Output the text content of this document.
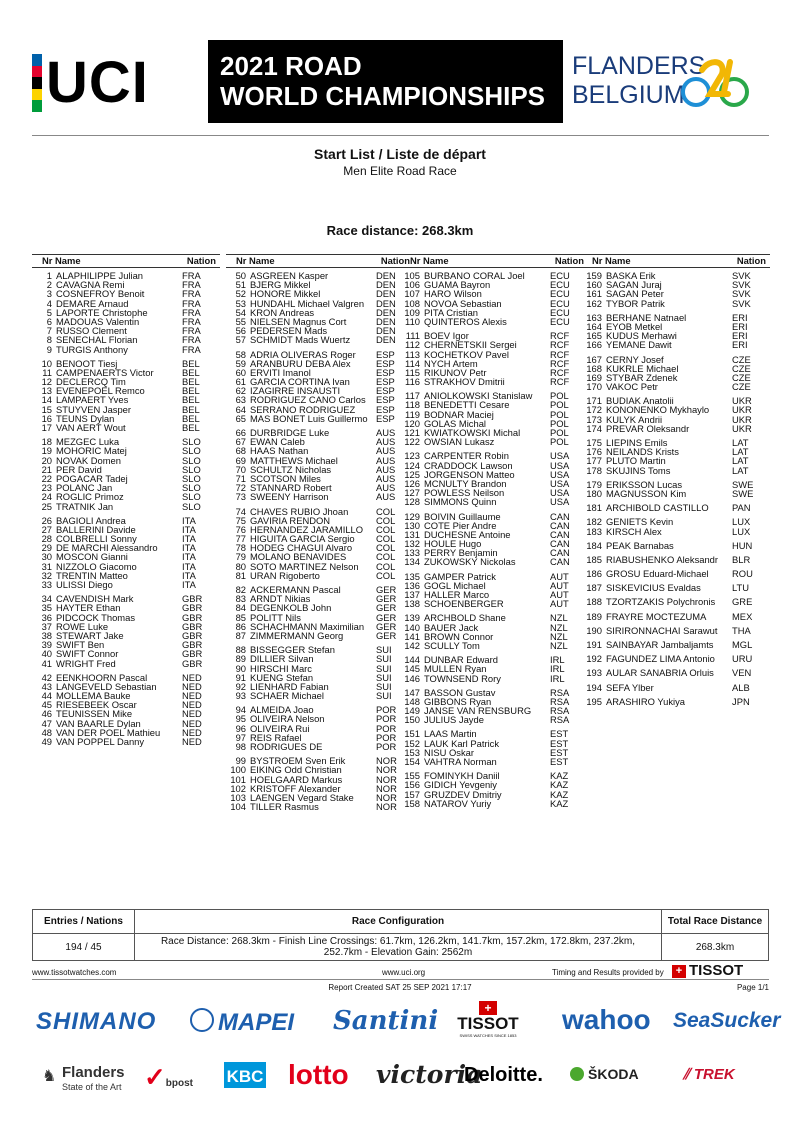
UCI	2021 ROAD
WORLD CHAMPIONSHIPS
FLANDERS
BELGIUM
Start List / Liste de départ
Men Elite Road Race
Race distance: 268.3km
Nr Name	Nation
1 ALAPHILIPPE Julian	FRA
2 CAVAGNA Remi	FRA
3 COSNEFROY Benoit	FRA
4 DEMARE Arnaud	FRA
5 LAPORTE Christophe	FRA
6 MADOUAS Valentin	FRA
7 RUSSO Clement	FRA
8 SENECHAL Florian	FRA
9 TURGIS Anthony	FRA
10 BENOOT Tiesj	BEL
11 CAMPENAERTS Victor	BEL
12 DECLERCQ Tim	BEL
13 EVENEPOEL Remco	BEL
14 LAMPAERT Yves	BEL
15 STUYVEN Jasper	BEL
16 TEUNS Dylan	BEL
17 VAN AERT Wout	BEL
18 MEZGEC Luka	SLO
19 MOHORIC Matej	SLO
20 NOVAK Domen	SLO
21 PER David	SLO
22 POGACAR Tadej	SLO
23 POLANC Jan	SLO
24 ROGLIC Primoz	SLO
25 TRATNIK Jan	SLO
26 BAGIOLI Andrea	ITA
27 BALLERINI Davide	ITA
28 COLBRELLI Sonny	ITA
29 DE MARCHI Alessandro	ITA
30 MOSCON Gianni	ITA
31 NIZZOLO Giacomo	ITA
32 TRENTIN Matteo	ITA
33 ULISSI Diego	ITA
34 CAVENDISH Mark	GBR
35 HAYTER Ethan	GBR
36 PIDCOCK Thomas	GBR
37 ROWE Luke	GBR
38 STEWART Jake	GBR
39 SWIFT Ben	GBR
40 SWIFT Connor	GBR
41 WRIGHT Fred	GBR
42 EENKHOORN Pascal	NED
43 LANGEVELD Sebastian	NED
44 MOLLEMA Bauke	NED
45 RIESEBEEK Oscar	NED
46 TEUNISSEN Mike	NED
47 VAN BAARLE Dylan	NED
48 VAN DER POEL Mathieu NED
49 VAN POPPEL Danny	NED
Nr Name	Nation
50 ASGREEN Kasper	DEN
51 BJERG Mikkel	DEN
52 HONORE Mikkel	DEN
53 HUNDAHL Michael Valgren DEN
54 KRON Andreas	DEN
55 NIELSEN Magnus Cort	DEN
56 PEDERSEN Mads	DEN
57 SCHMIDT Mads Wuertz	DEN
58 ADRIA OLIVERAS Roger ESP
59 ARANBURU DEBA Alex	ESP
60 ERVITI Imanol	ESP
61 GARCIA CORTINA Ivan	ESP
62 IZAGIRRE INSAUSTI	ESP
63 RODRIGUEZ CANO Carlos ESP
64 SERRANO RODRIGUEZ ESP
65 MAS BONET Luis Guillermo ESP
66 DURBRIDGE Luke	AUS
67 EWAN Caleb	AUS
68 HAAS Nathan	AUS
69 MATTHEWS Michael	AUS
70 SCHULTZ Nicholas	AUS
71 SCOTSON Miles	AUS
72 STANNARD Robert	AUS
73 SWEENY Harrison	AUS
74 CHAVES RUBIO Jhoan	COL
75 GAVIRIA RENDON	COL
76 HERNANDEZ JARAMILLO COL
77 HIGUITA GARCIA Sergio COL
78 HODEG CHAGUI Alvaro	COL
79 MOLANO BENAVIDES	COL
80 SOTO MARTINEZ Nelson COL
81 URAN Rigoberto	COL
82 ACKERMANN Pascal	GER
83 ARNDT Nikias	GER
84 DEGENKOLB John	GER
85 POLITT Nils	GER
86 SCHACHMANN Maximilian GER
87 ZIMMERMANN Georg	GER
88 BISSEGGER Stefan	SUI
89 DILLIER Silvan	SUI
90 HIRSCHI Marc	SUI
91 KUENG Stefan	SUI
92 LIENHARD Fabian	SUI
93 SCHAER Michael	SUI
94 ALMEIDA Joao	POR
95 OLIVEIRA Nelson	POR
96 OLIVEIRA Rui	POR
97 REIS Rafael	POR
98 RODRIGUES DE	POR
99 BYSTROEM Sven Erik	NOR
100 EIKING Odd Christian	NOR
101 HOELGAARD Markus	NOR
102 KRISTOFF Alexander	NOR
103 LAENGEN Vegard Stake NOR
104 TILLER Rasmus	NOR
Nr Name	Nation
105 BURBANO CORAL Joel	ECU
106 GUAMA Bayron	ECU
107 HARO Wilson	ECU
108 NOVOA Sebastian	ECU
109 PITA Cristian	ECU
110 QUINTEROS Alexis	ECU
111 BOEV Igor	RCF
112 CHERNETSKII Sergei	RCF
113 KOCHETKOV Pavel	RCF
114 NYCH Artem	RCF
115 RIKUNOV Petr	RCF
116 STRAKHOV Dmitrii	RCF
117 ANIOLKOWSKI Stanislaw POL
118 BENEDETTI Cesare	POL
119 BODNAR Maciej	POL
120 GOLAS Michal	POL
121 KWIATKOWSKI Michal	POL
122 OWSIAN Lukasz	POL
123 CARPENTER Robin	USA
124 CRADDOCK Lawson	USA
125 JORGENSON Matteo	USA
126 MCNULTY Brandon	USA
127 POWLESS Neilson	USA
128 SIMMONS Quinn	USA
129 BOIVIN Guillaume	CAN
130 COTE Pier Andre	CAN
131 DUCHESNE Antoine	CAN
132 HOULE Hugo	CAN
133 PERRY Benjamin	CAN
134 ZUKOWSKY Nickolas	CAN
135 GAMPER Patrick	AUT
136 GOGL Michael	AUT
137 HALLER Marco	AUT
138 SCHOENBERGER	AUT
139 ARCHBOLD Shane	NZL
140 BAUER Jack	NZL
141 BROWN Connor	NZL
142 SCULLY Tom	NZL
144 DUNBAR Edward	IRL
145 MULLEN Ryan	IRL
146 TOWNSEND Rory	IRL
147 BASSON Gustav	RSA
148 GIBBONS Ryan	RSA
149 JANSE VAN RENSBURG RSA
150 JULIUS Jayde	RSA
151 LAAS Martin	EST
152 LAUK Karl Patrick	EST
153 NISU Oskar	EST
154 VAHTRA Norman	EST
155 FOMINYKH Daniil	KAZ
156 GIDICH Yevgeniy	KAZ
157 GRUZDEV Dmitriy	KAZ
158 NATAROV Yuriy	KAZ
Nr Name	Nation
159 BASKA Erik	SVK
160 SAGAN Juraj	SVK
161 SAGAN Peter	SVK
162 TYBOR Patrik	SVK
163 BERHANE Natnael	ERI
164 EYOB Metkel	ERI
165 KUDUS Merhawi	ERI
166 YEMANE Dawit	ERI
167 CERNY Josef	CZE
168 KUKRLE Michael	CZE
169 STYBAR Zdenek	CZE
170 VAKOC Petr	CZE
171 BUDIAK Anatolii	UKR
172 KONONENKO Mykhaylo UKR
173 KULYK Andrii	UKR
174 PREVAR Oleksandr	UKR
175 LIEPINS Emils	LAT
176 NEILANDS Krists	LAT
177 PLUTO Martin	LAT
178 SKUJINS Toms	LAT
179 ERIKSSON Lucas	SWE
180 MAGNUSSON Kim	SWE
181 ARCHIBOLD CASTILLO PAN
182 GENIETS Kevin	LUX
183 KIRSCH Alex	LUX
184 PEAK Barnabas	HUN
185 RIABUSHENKO Aleksandr BLR
186 GROSU Eduard-Michael ROU
187 SISKEVICIUS Evaldas	LTU
188 TZORTZAKIS Polychronis GRE
189 FRAYRE MOCTEZUMA	MEX
190 SIRIRONNACHAI Sarawut THA
191 SAINBAYAR Jambaljamts MGL
192 FAGUNDEZ LIMA Antonio URU
193 AULAR SANABRIA Orluis VEN
194 SEFA Ylber	ALB
195 ARASHIRO Yukiya	JPN
Entries / Nations	Race Configuration	Total Race Distance
194 / 45	Race Distance: 268.3km - Finish Line Crossings: 61.7km, 126.2km, 141.7km, 157.2km, 172.8km, 237.2km,
252.7km - Elevation Gain: 2562m	268.3km
www.tissotwatches.com	www.uci.org	Timing and Results provided by	+ TISSOT
Report Created SAT 25 SEP 2021 17:17	Page 1/1
SHIMANO	MAPEI Santini	+
TISSOT
SWISS WATCHES SINCE 1853
wahoo SeaSucker
♞ Flanders
State of the Art ✓bpost KBC lotto victoria
Deloitte.	ŠKODA	⫽ TREK
